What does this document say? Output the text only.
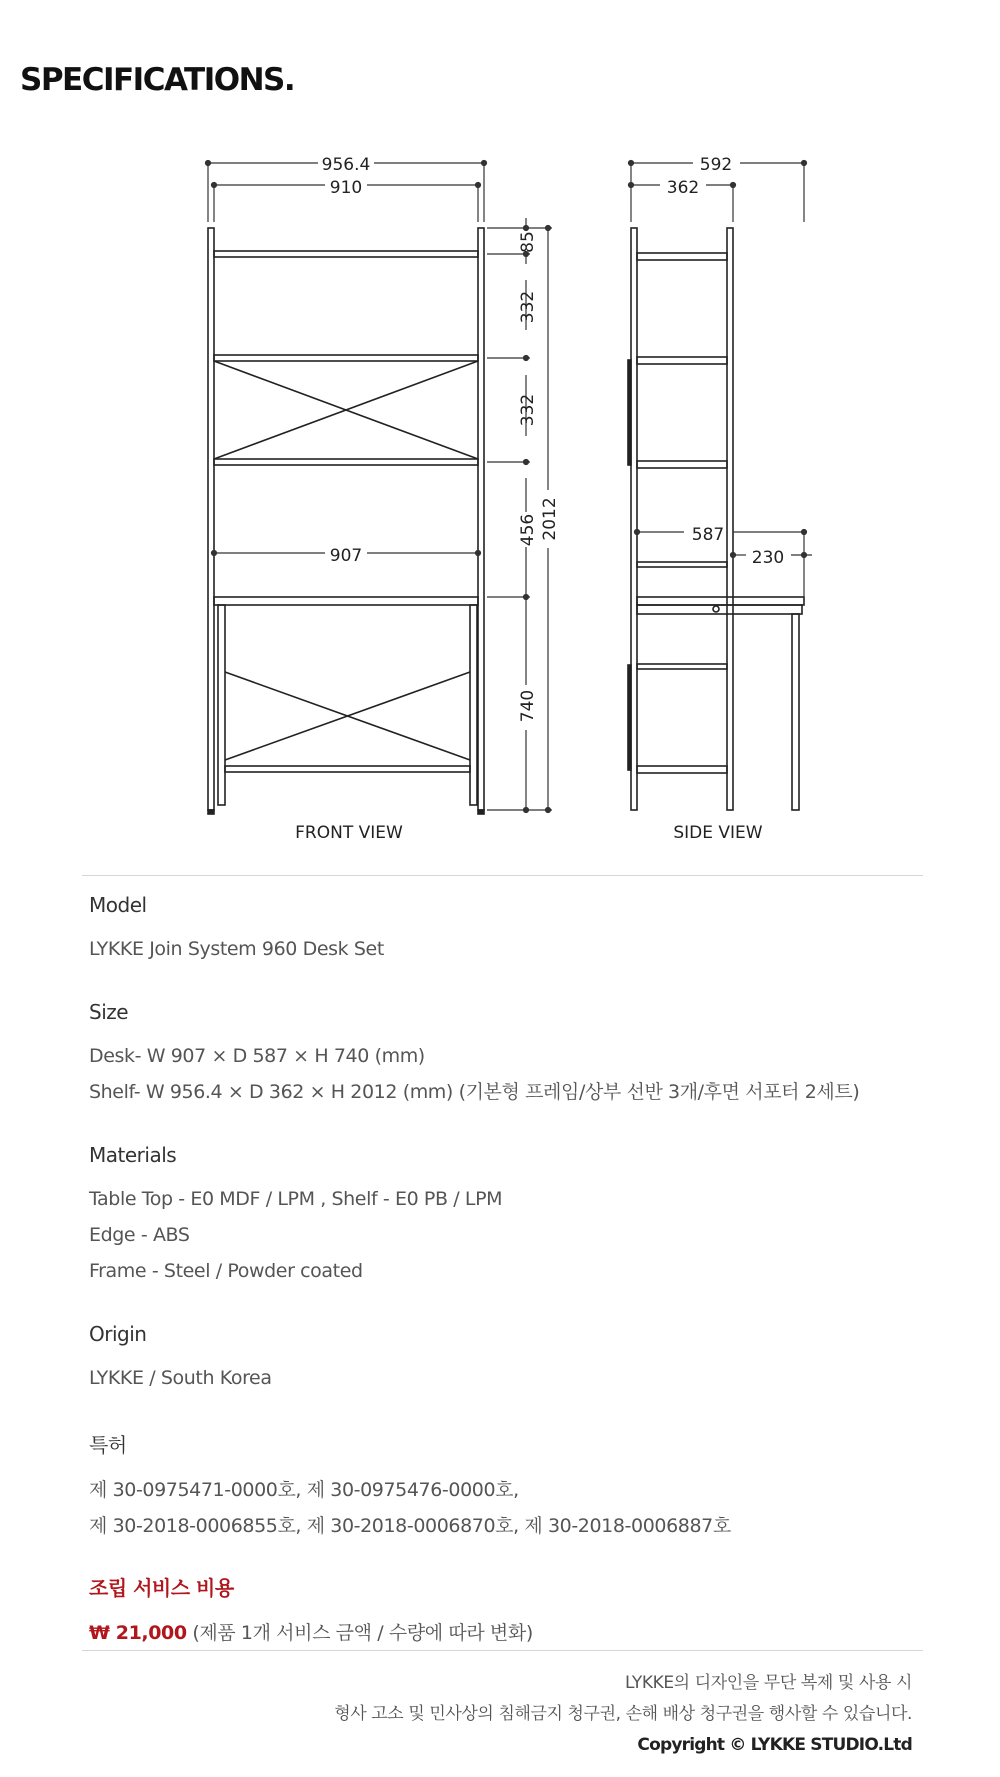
SPECIFICATIONS.
956.4
910
907
85
332
332
456
740
2012
592
362
587
230
FRONT VIEW	SIDE VIEW
Model
LYKKE Join System 960 Desk Set
Size
Desk- W 907 × D 587 × H 740 (mm)
Shelf- W 956.4 × D 362 × H 2012 (mm) (기본형 프레임/상부 선반 3개/후면 서포터 2세트)
Materials
Table Top - E0 MDF / LPM , Shelf - E0 PB / LPM
Edge - ABS
Frame - Steel / Powder coated
Origin
LYKKE / South Korea
특허
제 30-0975471-0000호, 제 30-0975476-0000호,
제 30-2018-0006855호, 제 30-2018-0006870호, 제 30-2018-0006887호
조립 서비스 비용
₩ 21,000 (제품 1개 서비스 금액 / 수량에 따라 변화)
LYKKE의 디자인을 무단 복제 및 사용 시
형사 고소 및 민사상의 침해금지 청구권, 손해 배상 청구권을 행사할 수 있습니다.
Copyright © LYKKE STUDIO.Ltd
